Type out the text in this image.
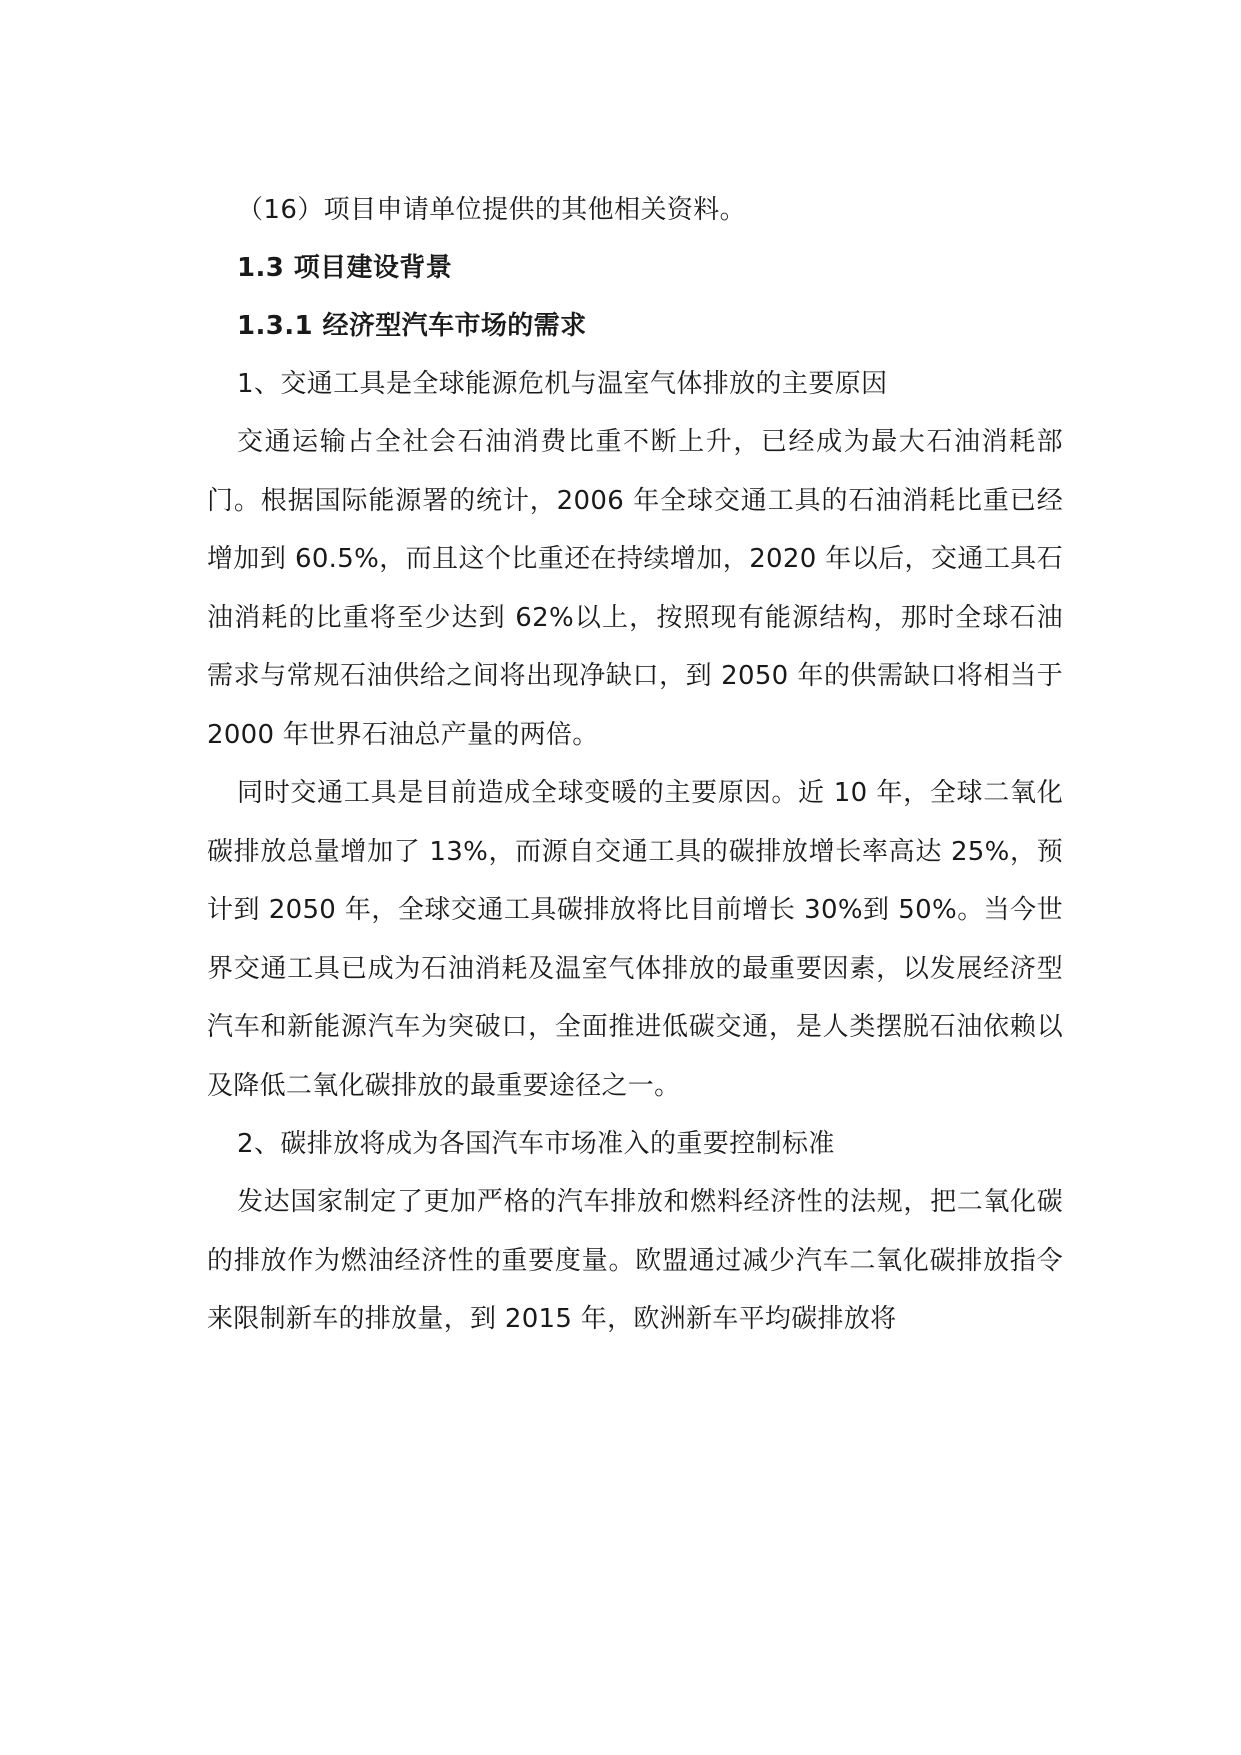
（16）项目申请单位提供的其他相关资料。
1.3 项目建设背景
1.3.1 经济型汽车市场的需求
1、交通工具是全球能源危机与温室气体排放的主要原因

交通运输占全社会石油消费比重不断上升，已经成为最大石油消耗部门。根据国际能源署的统计，2006 年全球交通工具的石油消耗比重已经增加到 60.5%，而且这个比重还在持续增加，2020 年以后，交通工具石油消耗的比重将至少达到 62%以上，按照现有能源结构，那时全球石油需求与常规石油供给之间将出现净缺口，到 2050 年的供需缺口将相当于 2000 年世界石油总产量的两倍。

同时交通工具是目前造成全球变暖的主要原因。近 10 年，全球二氧化碳排放总量增加了 13%，而源自交通工具的碳排放增长率高达 25%，预计到 2050 年，全球交通工具碳排放将比目前增长 30%到 50%。当今世界交通工具已成为石油消耗及温室气体排放的最重要因素，以发展经济型汽车和新能源汽车为突破口，全面推进低碳交通，是人类摆脱石油依赖以及降低二氧化碳排放的最重要途径之一。

2、碳排放将成为各国汽车市场准入的重要控制标准

发达国家制定了更加严格的汽车排放和燃料经济性的法规，把二氧化碳的排放作为燃油经济性的重要度量。欧盟通过减少汽车二氧化碳排放指令来限制新车的排放量，到 2015 年，欧洲新车平均碳排放将
